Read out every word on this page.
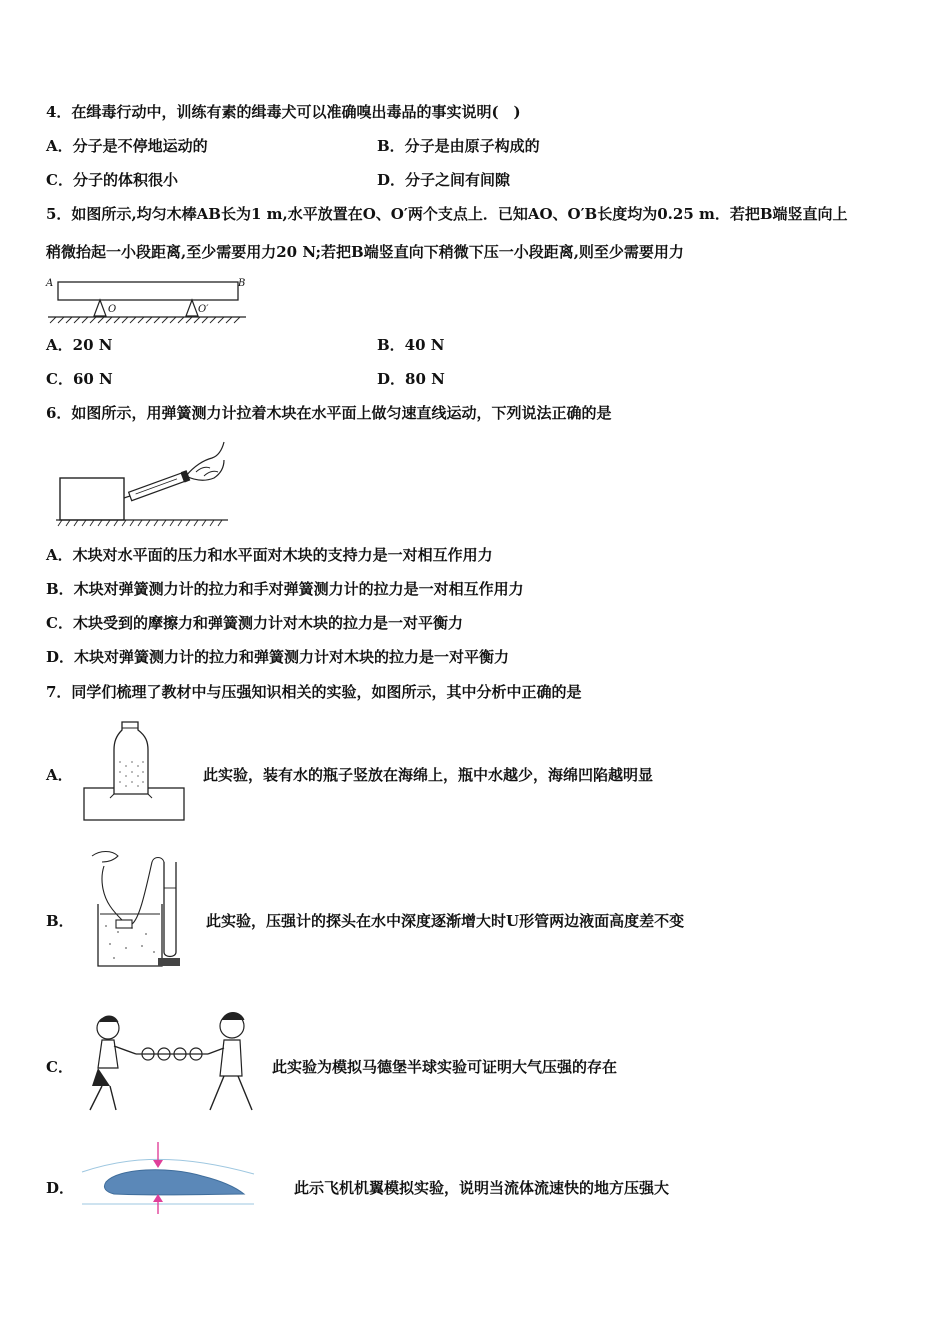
4．在缉毒行动中，训练有素的缉毒犬可以准确嗅出毒品的事实说明(　)
A．分子是不停地运动的	B．分子是由原子构成的
C．分子的体积很小	D．分子之间有间隙
5．如图所示,均匀木棒AB长为1 m,水平放置在O、O′两个支点上．已知AO、O′B长度均为0.25 m．若把B端竖直向上
稍微抬起一小段距离,至少需要用力20 N;若把B端竖直向下稍微下压一小段距离,则至少需要用力
A	B
O	O′
A．20 N	B．40 N
C．60 N	D．80 N
6．如图所示，用弹簧测力计拉着木块在水平面上做匀速直线运动，下列说法正确的是
A．木块对水平面的压力和水平面对木块的支持力是一对相互作用力
B．木块对弹簧测力计的拉力和手对弹簧测力计的拉力是一对相互作用力
C．木块受到的摩擦力和弹簧测力计对木块的拉力是一对平衡力
D．木块对弹簧测力计的拉力和弹簧测力计对木块的拉力是一对平衡力
7．同学们梳理了教材中与压强知识相关的实验，如图所示，其中分析中正确的是
A．	此实验，装有水的瓶子竖放在海绵上，瓶中水越少，海绵凹陷越明显
B．	此实验，压强计的探头在水中深度逐渐增大时U形管两边液面高度差不变
C．	此实验为模拟马德堡半球实验可证明大气压强的存在
D．	此示飞机机翼模拟实验，说明当流体流速快的地方压强大
